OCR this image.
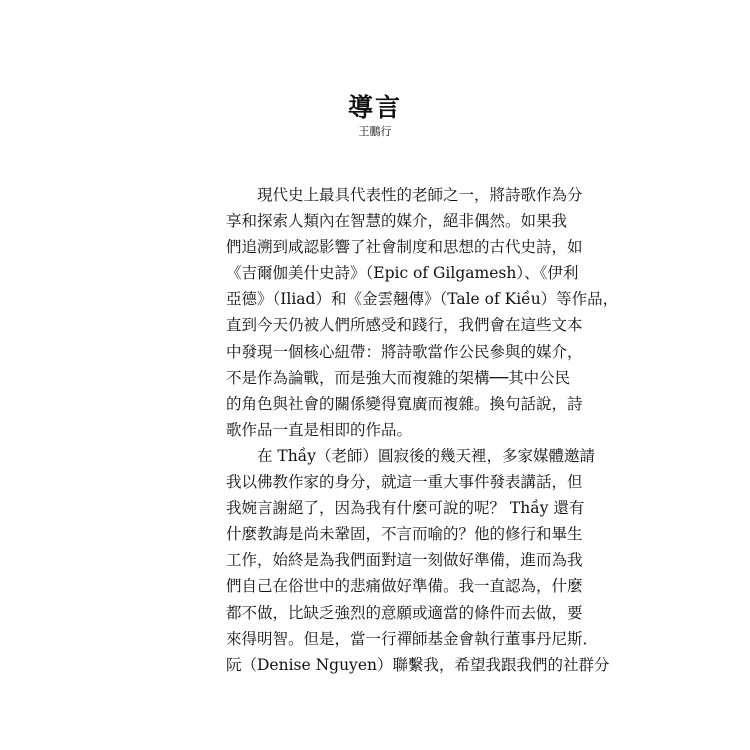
導言
王鵬行
　　現代史上最具代表性的老師之一，將詩歌作為分
享和探索人類內在智慧的媒介，絕非偶然。如果我
們追溯到咸認影響了社會制度和思想的古代史詩，如
《吉爾伽美什史詩》（Epic of Gilgamesh）、《伊利
亞德》（Iliad）和《金雲翹傳》（Tale of Kiều）等作品，
直到今天仍被人們所感受和踐行，我們會在這些文本
中發現一個核心紐帶：將詩歌當作公民參與的媒介，
不是作為論戰，而是強大而複雜的架構──其中公民
的角色與社會的關係變得寬廣而複雜。換句話說，詩
歌作品一直是相即的作品。
　　在 Thầy（老師）圓寂後的幾天裡，多家媒體邀請
我以佛教作家的身分，就這一重大事件發表講話，但
我婉言謝絕了，因為我有什麼可說的呢？ Thầy 還有
什麼教誨是尚未鞏固，不言而喻的？他的修行和畢生
工作，始終是為我們面對這一刻做好準備，進而為我
們自己在俗世中的悲痛做好準備。我一直認為，什麼
都不做，比缺乏強烈的意願或適當的條件而去做，要
來得明智。但是，當一行禪師基金會執行董事丹尼斯．
阮（Denise Nguyen）聯繫我，希望我跟我們的社群分
